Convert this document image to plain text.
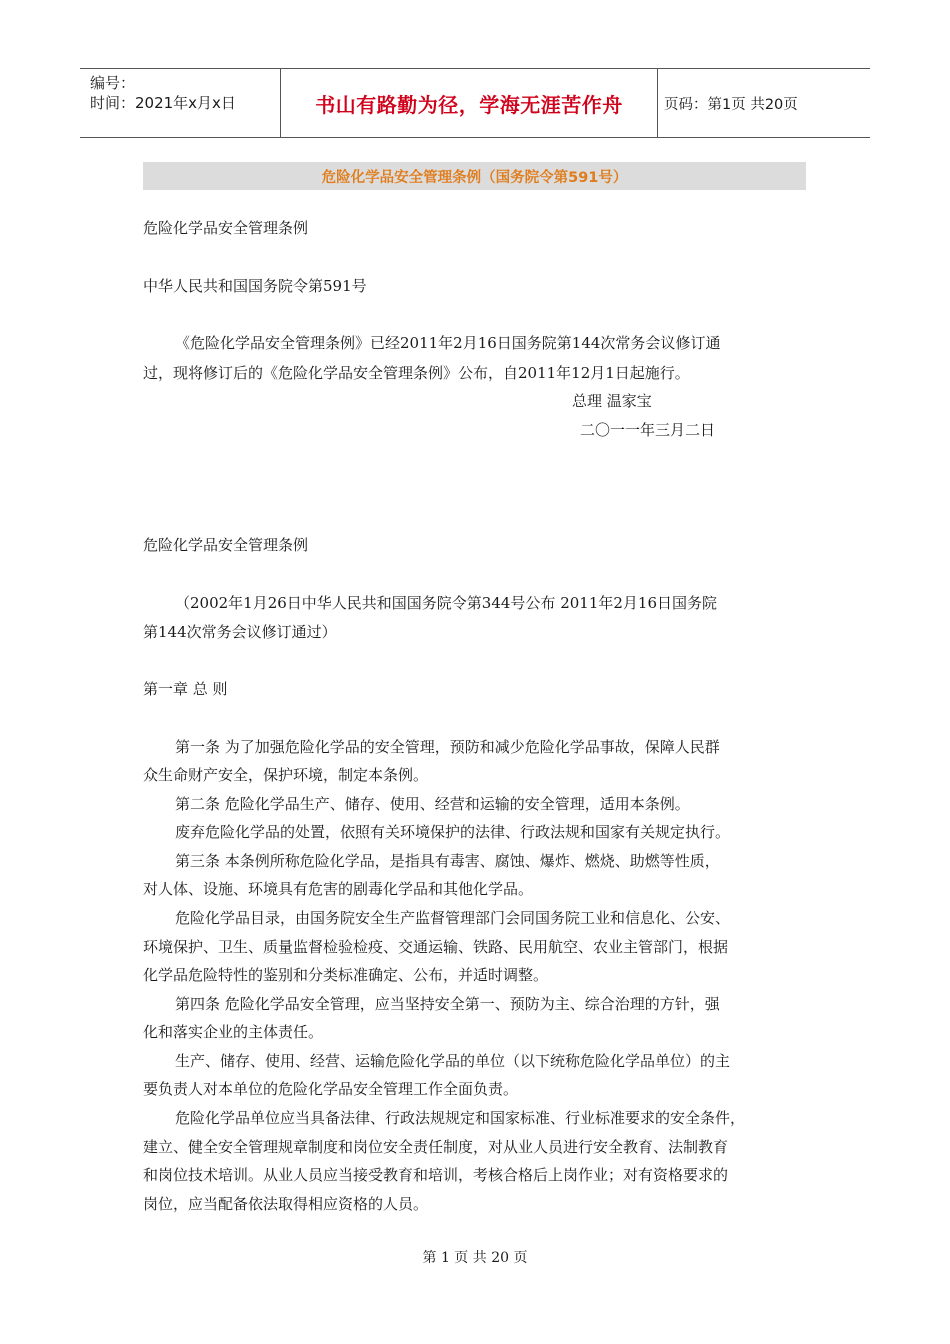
编号：
时间：2021年x月x日	书山有路勤为径，学海无涯苦作舟	页码：第1页 共20页
危险化学品安全管理条例（国务院令第591号）
危险化学品安全管理条例
中华人民共和国国务院令第591号
《危险化学品安全管理条例》已经2011年2月16日国务院第144次常务会议修订通
过，现将修订后的《危险化学品安全管理条例》公布，自2011年12月1日起施行。
总理 温家宝
二〇一一年三月二日
危险化学品安全管理条例
（2002年1月26日中华人民共和国国务院令第344号公布 2011年2月16日国务院
第144次常务会议修订通过）
第一章 总 则
第一条 为了加强危险化学品的安全管理，预防和减少危险化学品事故，保障人民群
众生命财产安全，保护环境，制定本条例。
第二条 危险化学品生产、储存、使用、经营和运输的安全管理，适用本条例。
废弃危险化学品的处置，依照有关环境保护的法律、行政法规和国家有关规定执行。
第三条 本条例所称危险化学品，是指具有毒害、腐蚀、爆炸、燃烧、助燃等性质，
对人体、设施、环境具有危害的剧毒化学品和其他化学品。
危险化学品目录，由国务院安全生产监督管理部门会同国务院工业和信息化、公安、
环境保护、卫生、质量监督检验检疫、交通运输、铁路、民用航空、农业主管部门，根据
化学品危险特性的鉴别和分类标准确定、公布，并适时调整。
第四条 危险化学品安全管理，应当坚持安全第一、预防为主、综合治理的方针，强
化和落实企业的主体责任。
生产、储存、使用、经营、运输危险化学品的单位（以下统称危险化学品单位）的主
要负责人对本单位的危险化学品安全管理工作全面负责。
危险化学品单位应当具备法律、行政法规规定和国家标准、行业标准要求的安全条件，
建立、健全安全管理规章制度和岗位安全责任制度，对从业人员进行安全教育、法制教育
和岗位技术培训。从业人员应当接受教育和培训，考核合格后上岗作业；对有资格要求的
岗位，应当配备依法取得相应资格的人员。
第 1 页 共 20 页
